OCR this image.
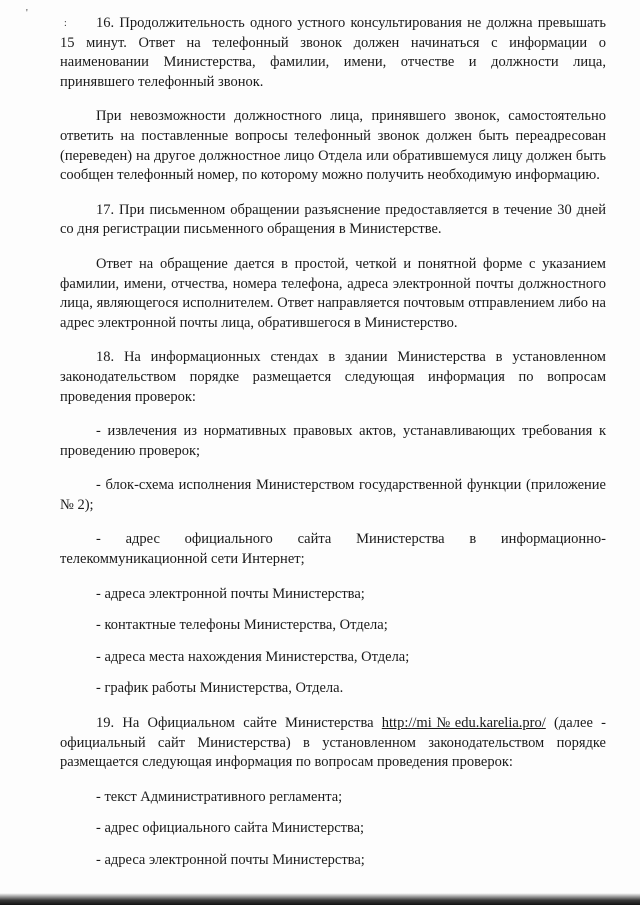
'
:	16. Продолжительность одного устного консультирования не должна превышать 15 минут. Ответ на телефонный звонок должен начинаться с информации о наименовании Министерства, фамилии, имени, отчестве и должности лица, принявшего телефонный звонок.

При невозможности должностного лица, принявшего звонок, самостоятельно ответить на поставленные вопросы телефонный звонок должен быть переадресован (переведен) на другое должностное лицо Отдела или обратившемуся лицу должен быть сообщен телефонный номер, по которому можно получить необходимую информацию.

17. При письменном обращении разъяснение предоставляется в течение 30 дней со дня регистрации письменного обращения в Министерстве.

Ответ на обращение дается в простой, четкой и понятной форме с указанием фамилии, имени, отчества, номера телефона, адреса электронной почты должностного лица, являющегося исполнителем. Ответ направляется почтовым отправлением либо на адрес электронной почты лица, обратившегося в Министерство.

18. На информационных стендах в здании Министерства в установленном законодательством порядке размещается следующая информация по вопросам проведения проверок:

- извлечения из нормативных правовых актов, устанавливающих требования к проведению проверок;

- блок-схема исполнения Министерством государственной функции (приложение № 2);

- адрес официального сайта Министерства в информационно-телекоммуникационной сети Интернет;

- адреса электронной почты Министерства;

- контактные телефоны Министерства, Отдела;

- адреса места нахождения Министерства, Отдела;

- график работы Министерства, Отдела.

19. На Официальном сайте Министерства http://mi№edu.karelia.pro/ (далее - официальный сайт Министерства) в установленном законодательством порядке размещается следующая информация по вопросам проведения проверок:

- текст Административного регламента;

- адрес официального сайта Министерства;

- адреса электронной почты Министерства;
